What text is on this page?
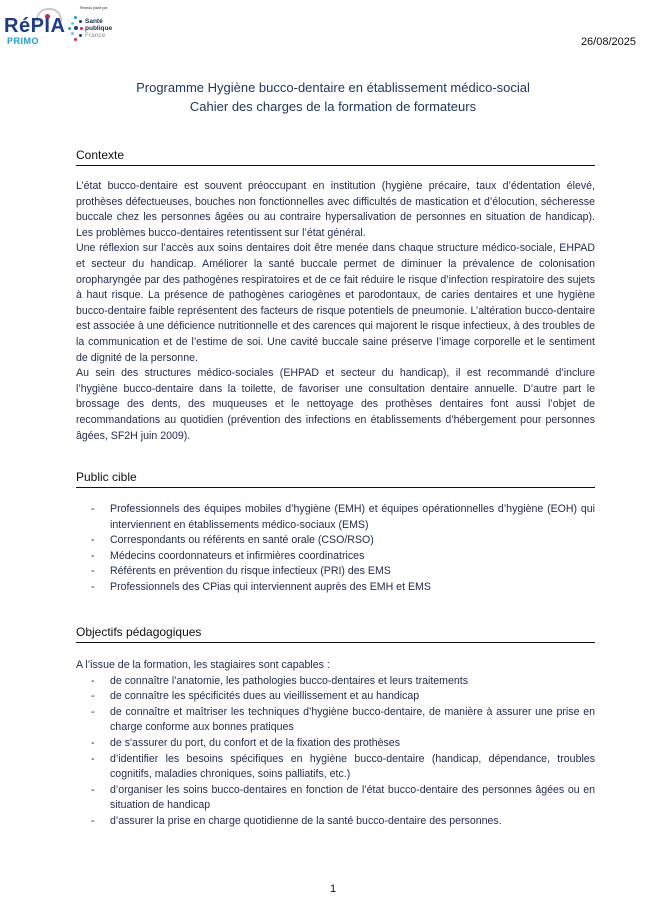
RéPIA
PRIMO
Réseau piloté par
Santé
publique
France
26/08/2025
Programme Hygiène bucco-dentaire en établissement médico-social
Cahier des charges de la formation de formateurs
Contexte

L’état bucco-dentaire est souvent préoccupant en institution (hygiène précaire, taux d’édentation élevé, prothèses défectueuses, bouches non fonctionnelles avec difficultés de mastication et d’élocution, sécheresse buccale chez les personnes âgées ou au contraire hypersalivation de personnes en situation de handicap). Les problèmes bucco-dentaires retentissent sur l’état général.

Une réflexion sur l’accès aux soins dentaires doit être menée dans chaque structure médico-sociale, EHPAD et secteur du handicap. Améliorer la santé buccale permet de diminuer la prévalence de colonisation oropharyngée par des pathogènes respiratoires et de ce fait réduire le risque d’infection respiratoire des sujets à haut risque. La présence de pathogènes cariogènes et parodontaux, de caries dentaires et une hygiène bucco-dentaire faible représentent des facteurs de risque potentiels de pneumonie. L’altération bucco-dentaire est associée à une déficience nutritionnelle et des carences qui majorent le risque infectieux, à des troubles de la communication et de l’estime de soi. Une cavité buccale saine préserve l’image corporelle et le sentiment de dignité de la personne.

Au sein des structures médico-sociales (EHPAD et secteur du handicap), il est recommandé d’inclure l’hygiène bucco-dentaire dans la toilette, de favoriser une consultation dentaire annuelle. D’autre part le brossage des dents, des muqueuses et le nettoyage des prothèses dentaires font aussi l’objet de recommandations au quotidien (prévention des infections en établissements d’hébergement pour personnes âgées, SF2H juin 2009).

Public cible
- Professionnels des équipes mobiles d’hygiène (EMH) et équipes opérationnelles d’hygiène (EOH) qui interviennent en établissements médico-sociaux (EMS)
- Correspondants ou référents en santé orale (CSO/RSO)
- Médecins coordonnateurs et infirmières coordinatrices
- Référents en prévention du risque infectieux (PRI) des EMS
- Professionnels des CPias qui interviennent auprès des EMH et EMS
Objectifs pédagogiques

A l’issue de la formation, les stagiaires sont capables :

- de connaître l’anatomie, les pathologies bucco-dentaires et leurs traitements
- de connaître les spécificités dues au vieillissement et au handicap
- de connaître et maîtriser les techniques d’hygiène bucco-dentaire, de manière à assurer une prise en charge conforme aux bonnes pratiques
- de s'assurer du port, du confort et de la fixation des prothèses
- d’identifier les besoins spécifiques en hygiène bucco-dentaire (handicap, dépendance, troubles cognitifs, maladies chroniques, soins palliatifs, etc.)
- d’organiser les soins bucco-dentaires en fonction de l’état bucco-dentaire des personnes âgées ou en situation de handicap
- d’assurer la prise en charge quotidienne de la santé bucco-dentaire des personnes.
1
